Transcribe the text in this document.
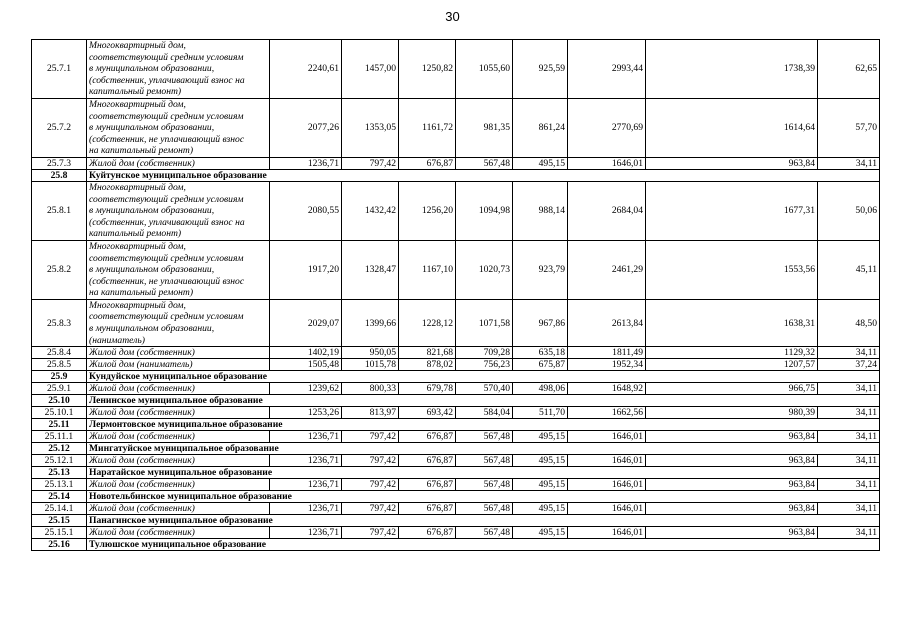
30
25.7.1	Многоквартирный дом,
соответствующий средним условиям
в муниципальном образовании,
(собственник, уплачивающий взнос на
капитальный ремонт)	2240,61	1457,00	1250,82	1055,60	925,59	2993,44	1738,39	62,65
25.7.2	Многоквартирный дом,
соответствующий средним условиям
в муниципальном образовании,
(собственник, не уплачивающий взнос
на капитальный ремонт)	2077,26	1353,05	1161,72	981,35	861,24	2770,69	1614,64	57,70
25.7.3	Жилой дом (собственник)	1236,71	797,42	676,87	567,48	495,15	1646,01	963,84	34,11
25.8	Куйтунское муниципальное образование								
25.8.1	Многоквартирный дом,
соответствующий средним условиям
в муниципальном образовании,
(собственник, уплачивающий взнос на
капитальный ремонт)	2080,55	1432,42	1256,20	1094,98	988,14	2684,04	1677,31	50,06
25.8.2	Многоквартирный дом,
соответствующий средним условиям
в муниципальном образовании,
(собственник, не уплачивающий взнос
на капитальный ремонт)	1917,20	1328,47	1167,10	1020,73	923,79	2461,29	1553,56	45,11
25.8.3	Многоквартирный дом,
соответствующий средним условиям
в муниципальном образовании,
(наниматель)	2029,07	1399,66	1228,12	1071,58	967,86	2613,84	1638,31	48,50
25.8.4	Жилой дом (собственник)	1402,19	950,05	821,68	709,28	635,18	1811,49	1129,32	34,11
25.8.5	Жилой дом (наниматель)	1505,48	1015,78	878,02	756,23	675,87	1952,34	1207,57	37,24
25.9	Кундуйское муниципальное образование								
25.9.1	Жилой дом (собственник)	1239,62	800,33	679,78	570,40	498,06	1648,92	966,75	34,11
25.10	Ленинское муниципальное образование								
25.10.1	Жилой дом (собственник)	1253,26	813,97	693,42	584,04	511,70	1662,56	980,39	34,11
25.11	Лермонтовское муниципальное образование								
25.11.1	Жилой дом (собственник)	1236,71	797,42	676,87	567,48	495,15	1646,01	963,84	34,11
25.12	Мингатуйское муниципальное образование								
25.12.1	Жилой дом (собственник)	1236,71	797,42	676,87	567,48	495,15	1646,01	963,84	34,11
25.13	Наратайское муниципальное образование								
25.13.1	Жилой дом (собственник)	1236,71	797,42	676,87	567,48	495,15	1646,01	963,84	34,11
25.14	Новотельбинское муниципальное образование								
25.14.1	Жилой дом (собственник)	1236,71	797,42	676,87	567,48	495,15	1646,01	963,84	34,11
25.15	Панагинское муниципальное образование								
25.15.1	Жилой дом (собственник)	1236,71	797,42	676,87	567,48	495,15	1646,01	963,84	34,11
25.16	Тулюшское муниципальное образование								
